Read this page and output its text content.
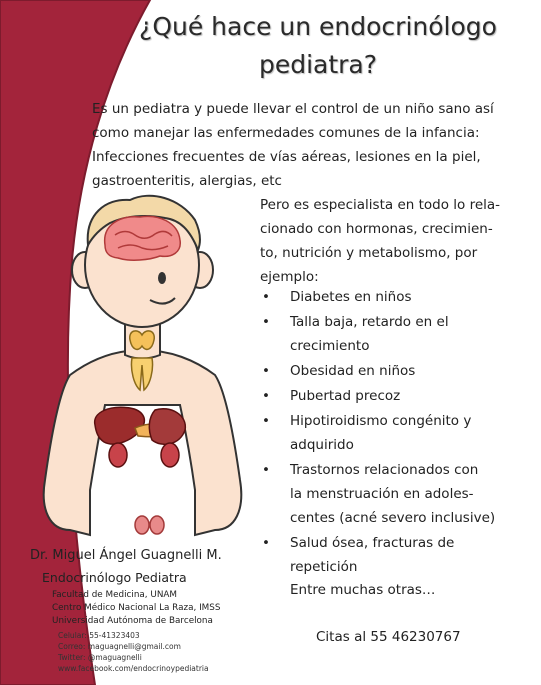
¿Qué hace un endocrinólogo
pediatra?

Es un pediatra y puede llevar el control de un niño sano así
como manejar las enfermedades comunes de la infancia:

Infecciones frecuentes de vías aéreas, lesiones en la piel,
gastroenteritis, alergias, etc

Pero es especialista en todo lo rela-
cionado con hormonas, crecimien-
to, nutrición y metabolismo, por
ejemplo:

• Diabetes en niños
• Talla baja, retardo en el
crecimiento
• Obesidad en niños
• Pubertad precoz
• Hipotiroidismo congénito y
adquirido
• Trastornos relacionados con
la menstruación en adoles-
centes (acné severo inclusive)
• Salud ósea, fracturas de
repetición
Entre muchas otras…
Citas al 55 46230767
Dr. Miguel Ángel Guagnelli M.
Endocrinólogo Pediatra
Facultad de Medicina, UNAM
Centro Médico Nacional La Raza, IMSS
Universidad Autónoma de Barcelona
Celular: 55-41323403
Correo: maguagnelli@gmail.com
Twitter: @maguagnelli
www.facebook.com/endocrinoypediatria
